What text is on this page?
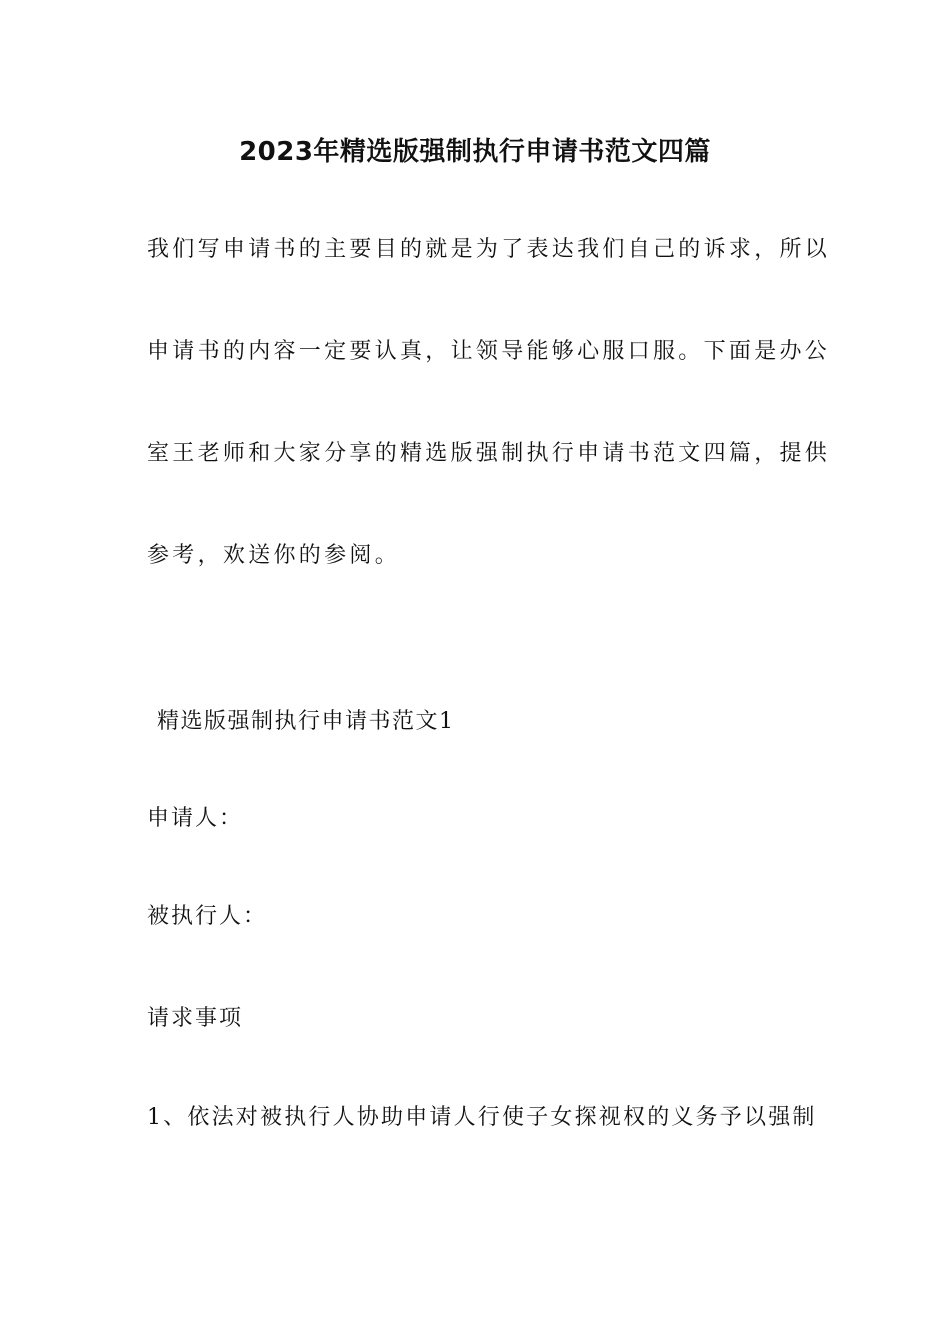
2023年精选版强制执行申请书范文四篇

我们写申请书的主要目的就是为了表达我们自己的诉求，所以
申请书的内容一定要认真，让领导能够心服口服。下面是办公
室王老师和大家分享的精选版强制执行申请书范文四篇，提供
参考，欢送你的参阅。

精选版强制执行申请书范文1
申请人：
被执行人：
请求事项
1、依法对被执行人协助申请人行使子女探视权的义务予以强制
